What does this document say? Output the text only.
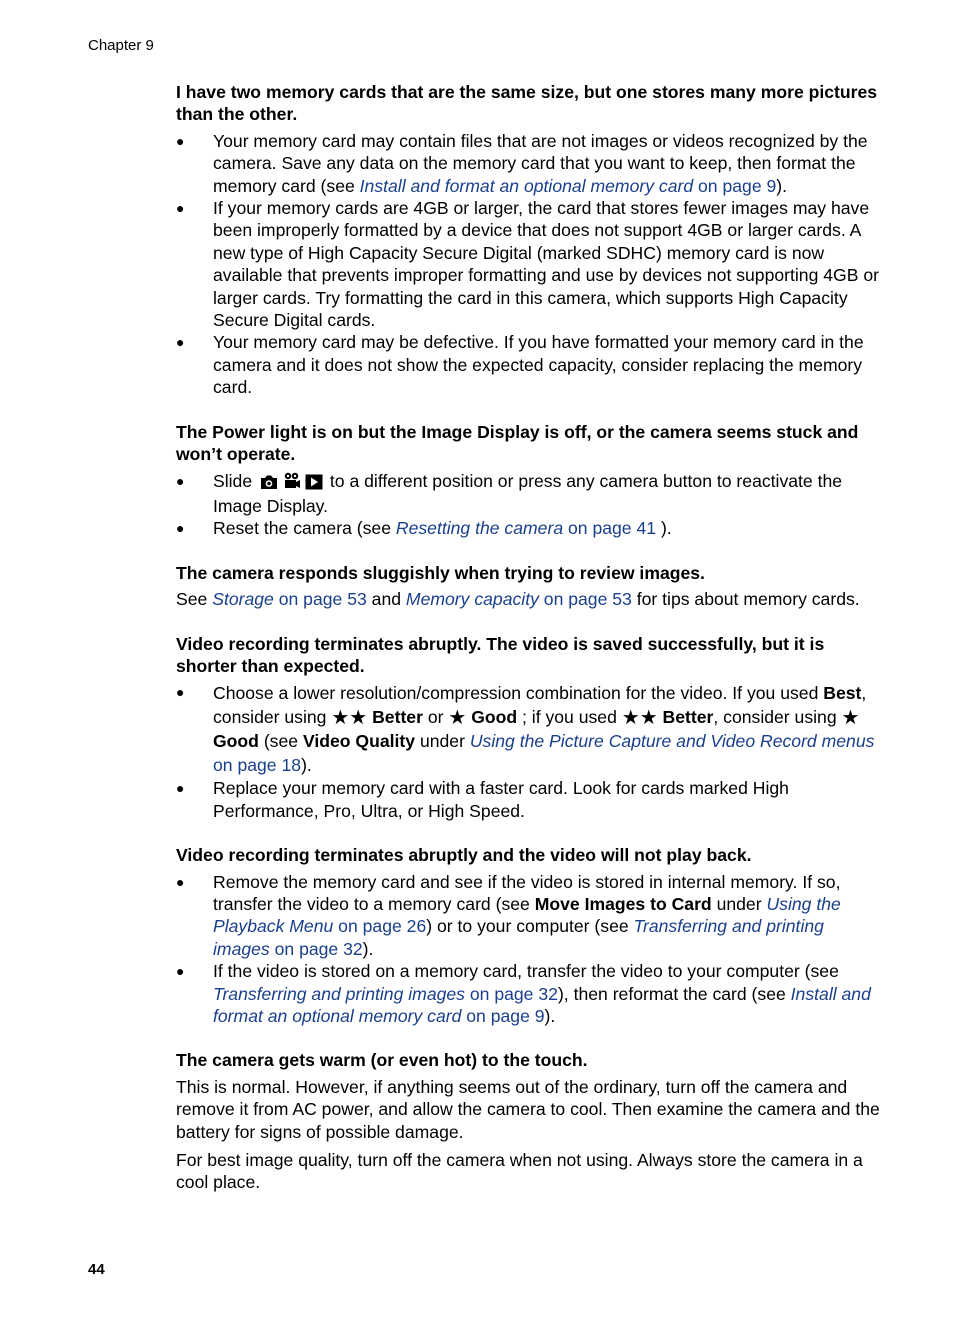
Chapter 9
I have two memory cards that are the same size, but one stores many more pictures than the other.
●	Your memory card may contain files that are not images or videos recognized by the camera. Save any data on the memory card that you want to keep, then format the memory card (see Install and format an optional memory card on page 9).
●	If your memory cards are 4GB or larger, the card that stores fewer images may have been improperly formatted by a device that does not support 4GB or larger cards. A new type of High Capacity Secure Digital (marked SDHC) memory card is now available that prevents improper formatting and use by devices not supporting 4GB or larger cards. Try formatting the card in this camera, which supports High Capacity Secure Digital cards.
●	Your memory card may be defective. If you have formatted your memory card in the camera and it does not show the expected capacity, consider replacing the memory card.
The Power light is on but the Image Display is off, or the camera seems stuck and won’t operate.
●	Slide	to a different position or press any camera button to reactivate the Image Display.
●	Reset the camera (see Resetting the camera on page 41 ).
The camera responds sluggishly when trying to review images.

See Storage on page 53 and Memory capacity on page 53 for tips about memory cards.

Video recording terminates abruptly. The video is saved successfully, but it is shorter than expected.
●	Choose a lower resolution/compression combination for the video. If you used Best, consider using ★★ Better or ★ Good ; if you used ★★ Better, consider using ★ Good (see Video Quality under Using the Picture Capture and Video Record menus on page 18).
●	Replace your memory card with a faster card. Look for cards marked High Performance, Pro, Ultra, or High Speed.
Video recording terminates abruptly and the video will not play back.
●	Remove the memory card and see if the video is stored in internal memory. If so, transfer the video to a memory card (see Move Images to Card under Using the Playback Menu on page 26) or to your computer (see Transferring and printing images on page 32).
●	If the video is stored on a memory card, transfer the video to your computer (see Transferring and printing images on page 32), then reformat the card (see Install and format an optional memory card on page 9).
The camera gets warm (or even hot) to the touch.

This is normal. However, if anything seems out of the ordinary, turn off the camera and remove it from AC power, and allow the camera to cool. Then examine the camera and the battery for signs of possible damage.

For best image quality, turn off the camera when not using. Always store the camera in a cool place.

44
